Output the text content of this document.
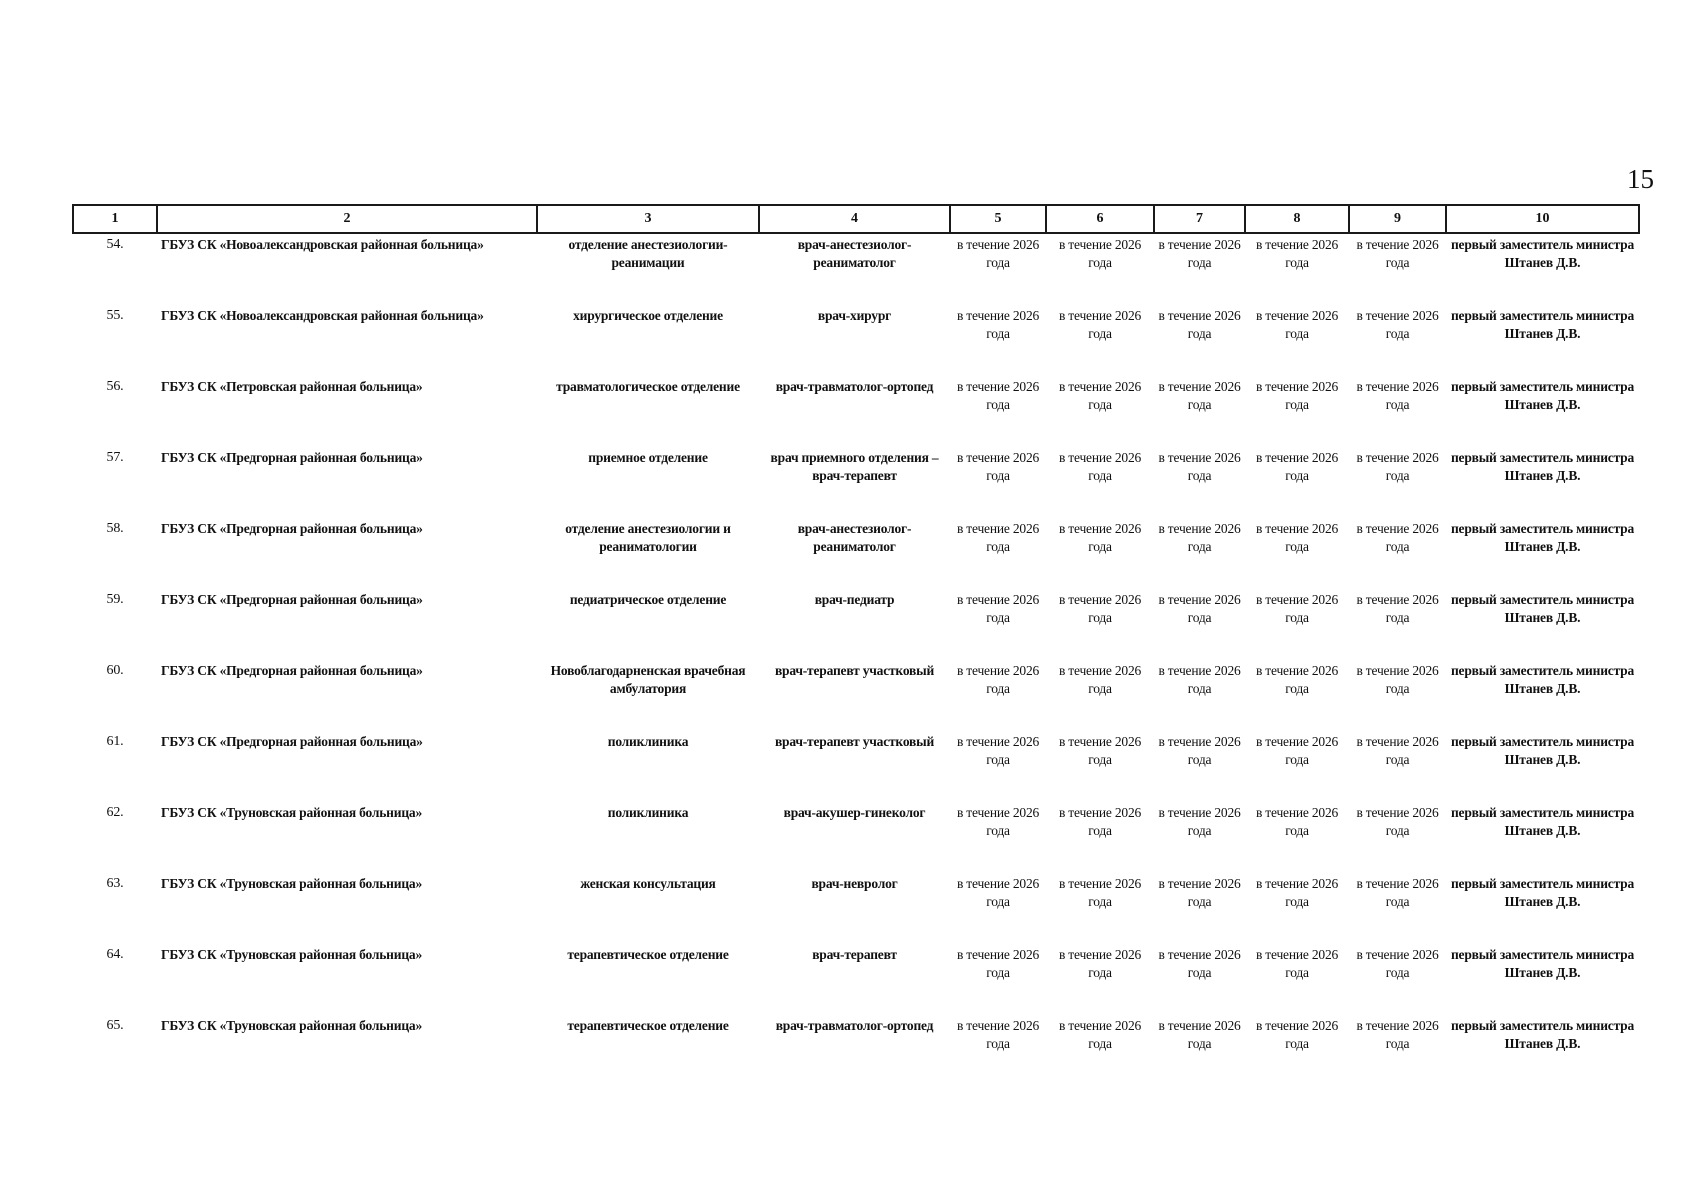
15
1	2	3	4	5	6	7	8	9	10
54.	ГБУЗ СК «Новоалександровская районная больница»	отделение анестезиологии-реанимации	врач-анестезиолог-реаниматолог	в течение 2026 года	в течение 2026 года	в течение 2026 года	в течение 2026 года	в течение 2026 года	первый заместитель министра Штанев Д.В.
55.	ГБУЗ СК «Новоалександровская районная больница»	хирургическое отделение	врач-хирург	в течение 2026 года	в течение 2026 года	в течение 2026 года	в течение 2026 года	в течение 2026 года	первый заместитель министра Штанев Д.В.
56.	ГБУЗ СК «Петровская районная больница»	травматологическое отделение	врач-травматолог-ортопед	в течение 2026 года	в течение 2026 года	в течение 2026 года	в течение 2026 года	в течение 2026 года	первый заместитель министра Штанев Д.В.
57.	ГБУЗ СК «Предгорная районная больница»	приемное отделение	врач приемного отделения – врач-терапевт	в течение 2026 года	в течение 2026 года	в течение 2026 года	в течение 2026 года	в течение 2026 года	первый заместитель министра Штанев Д.В.
58.	ГБУЗ СК «Предгорная районная больница»	отделение анестезиологии и реаниматологии	врач-анестезиолог-реаниматолог	в течение 2026 года	в течение 2026 года	в течение 2026 года	в течение 2026 года	в течение 2026 года	первый заместитель министра Штанев Д.В.
59.	ГБУЗ СК «Предгорная районная больница»	педиатрическое отделение	врач-педиатр	в течение 2026 года	в течение 2026 года	в течение 2026 года	в течение 2026 года	в течение 2026 года	первый заместитель министра Штанев Д.В.
60.	ГБУЗ СК «Предгорная районная больница»	Новоблагодарненская врачебная амбулатория	врач-терапевт участковый	в течение 2026 года	в течение 2026 года	в течение 2026 года	в течение 2026 года	в течение 2026 года	первый заместитель министра Штанев Д.В.
61.	ГБУЗ СК «Предгорная районная больница»	поликлиника	врач-терапевт участковый	в течение 2026 года	в течение 2026 года	в течение 2026 года	в течение 2026 года	в течение 2026 года	первый заместитель министра Штанев Д.В.
62.	ГБУЗ СК «Труновская районная больница»	поликлиника	врач-акушер-гинеколог	в течение 2026 года	в течение 2026 года	в течение 2026 года	в течение 2026 года	в течение 2026 года	первый заместитель министра Штанев Д.В.
63.	ГБУЗ СК «Труновская районная больница»	женская консультация	врач-невролог	в течение 2026 года	в течение 2026 года	в течение 2026 года	в течение 2026 года	в течение 2026 года	первый заместитель министра Штанев Д.В.
64.	ГБУЗ СК «Труновская районная больница»	терапевтическое отделение	врач-терапевт	в течение 2026 года	в течение 2026 года	в течение 2026 года	в течение 2026 года	в течение 2026 года	первый заместитель министра Штанев Д.В.
65.	ГБУЗ СК «Труновская районная больница»	терапевтическое отделение	врач-травматолог-ортопед	в течение 2026 года	в течение 2026 года	в течение 2026 года	в течение 2026 года	в течение 2026 года	первый заместитель министра Штанев Д.В.
